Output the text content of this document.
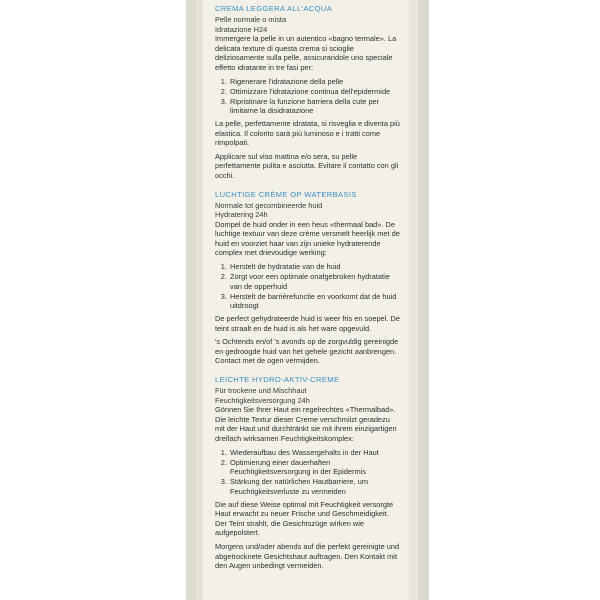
CREMA LEGGERA ALL'ACQUA

Pelle normale o mista

Idratazione H24

Immergere la pelle in un autentico «bagno termale». La delicata texture di questa crema si scioglie deliziosamente sulla pelle, assicurandole uno speciale effetto idratante in tre fasi per:

1. Rigenerare l'idratazione della pelle
2. Ottimizzare l'idratazione continua dell'epidermide
3. Ripristinare la funzione barriera della cute per limitarne la disidratazione

La pelle, perfettamente idratata, si risveglia e diventa più elastica. Il colorito sarà più luminoso e i tratti come rimpolpati.

Applicare sul viso mattina e/o sera, su pelle perfettamente pulita e asciutta. Evitare il contatto con gli occhi.

LUCHTIGE CRÈME OP WATERBASIS

Normale tot gecombineerde huid

Hydratering 24h

Dompel de huid onder in een heus «thermaal bad». De luchtige textuur van deze crème versmelt heerlijk met de huid en voorziet haar van zijn unieke hydraterende complex met drievoudige werking:

1. Herstelt de hydratatie van de huid
2. Zorgt voor een optimale onafgebroken hydratatie van de opperhuid
3. Herstelt de barrièrefunctie en voorkomt dat de huid uitdroogt

De perfect gehydrateerde huid is weer fris en soepel. De teint straalt en de huid is als het ware opgevuld.

's Ochtends en/of 's avonds op de zorgvuldig gereinigde en gedroogde huid van het gehele gezicht aanbrengen. Contact met de ogen vermijden.

LEICHTE HYDRO-AKTIV-CREME

Für trockene und Mischhaut

Feuchtigkeitsversorgung 24h

Gönnen Sie Ihrer Haut ein regelrechtes «Thermalbad». Die leichte Textur dieser Creme verschmilzt geradezu mit der Haut und durchtränkt sie mit ihrem einzigartigen dreifach wirksamen Feuchtigkeitskomplex:

1. Wiederaufbau des Wassergehalts in der Haut
2. Optimierung einer dauerhaften Feuchtigkeitsversorgung in der Epidermis
3. Stärkung der natürlichen Hautbarriere, um Feuchtigkeitsverluste zu vermeiden

Die auf diese Weise optimal mit Feuchtigkeit versorgte Haut erwacht zu neuer Frische und Geschmeidigkeit. Der Teint strahlt, die Gesichtszüge wirken wie aufgepolstert.

Morgens und/oder abends auf die perfekt gereinigte und abgetrocknete Gesichtshaut auftragen. Den Kontakt mit den Augen unbedingt vermeiden.
